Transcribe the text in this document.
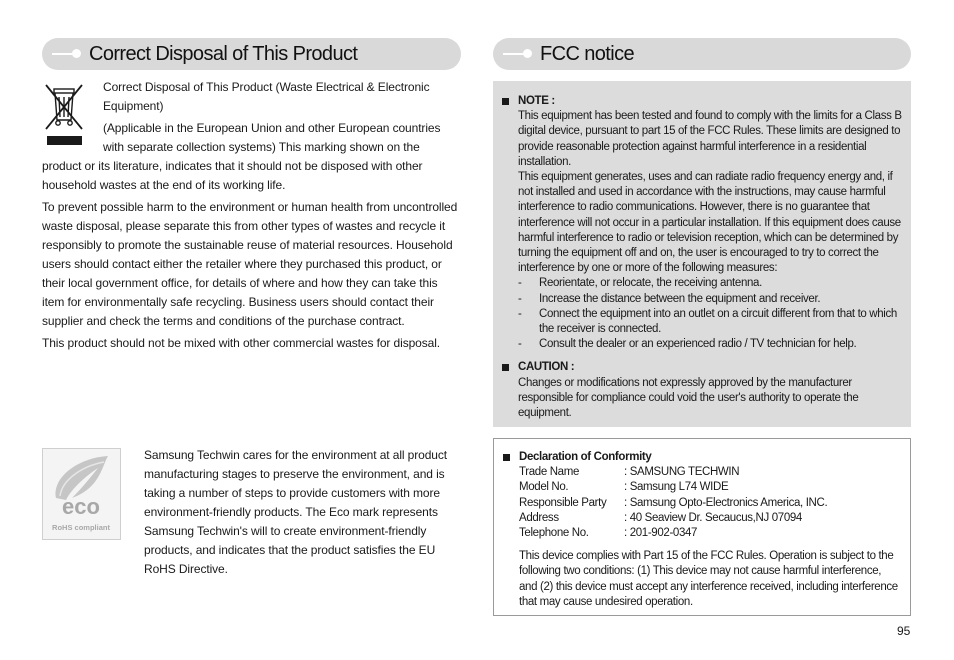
Correct Disposal of This Product	FCC notice

Correct Disposal of This Product (Waste Electrical & Electronic

Equipment)

(Applicable in the European Union and other European countries

with separate collection systems) This marking shown on the

product or its literature, indicates that it should not be disposed with other

household wastes at the end of its working life.

To prevent possible harm to the environment or human health from uncontrolled waste disposal, please separate this from other types of wastes and recycle it responsibly to promote the sustainable reuse of material resources. Household users should contact either the retailer where they purchased this product, or their local government office, for details of where and how they can take this item for environmentally safe recycling. Business users should contact their supplier and check the terms and conditions of the purchase contract.

This product should not be mixed with other commercial wastes for disposal.

eco
RoHS compliant

Samsung Techwin cares for the environment at all product manufacturing stages to preserve the environment, and is taking a number of steps to provide customers with more environment-friendly products. The Eco mark represents Samsung Techwin's will to create environment-friendly products, and indicates that the product satisfies the EU RoHS Directive.

NOTE :
This equipment has been tested and found to comply with the limits for a Class B digital device, pursuant to part 15 of the FCC Rules. These limits are designed to provide reasonable protection against harmful interference in a residential installation.
This equipment generates, uses and can radiate radio frequency energy and, if not installed and used in accordance with the instructions, may cause harmful interference to radio communications. However, there is no guarantee that interference will not occur in a particular installation. If this equipment does cause harmful interference to radio or television reception, which can be determined by turning the equipment off and on, the user is encouraged to try to correct the interference by one or more of the following measures:
- Reorientate, or relocate, the receiving antenna.
- Increase the distance between the equipment and receiver.
- Connect the equipment into an outlet on a circuit different from that to which the receiver is connected.
- Consult the dealer or an experienced radio / TV technician for help.
CAUTION :
Changes or modifications not expressly approved by the manufacturer responsible for compliance could void the user's authority to operate the equipment.
Declaration of Conformity
Trade Name	: SAMSUNG TECHWIN
Model No.	: Samsung L74 WIDE
Responsible Party	: Samsung Opto-Electronics America, INC.
Address	: 40 Seaview Dr. Secaucus,NJ 07094
Telephone No.	: 201-902-0347
This device complies with Part 15 of the FCC Rules. Operation is subject to the following two conditions: (1) This device may not cause harmful interference, and (2) this device must accept any interference received, including interference that may cause undesired operation.
95
